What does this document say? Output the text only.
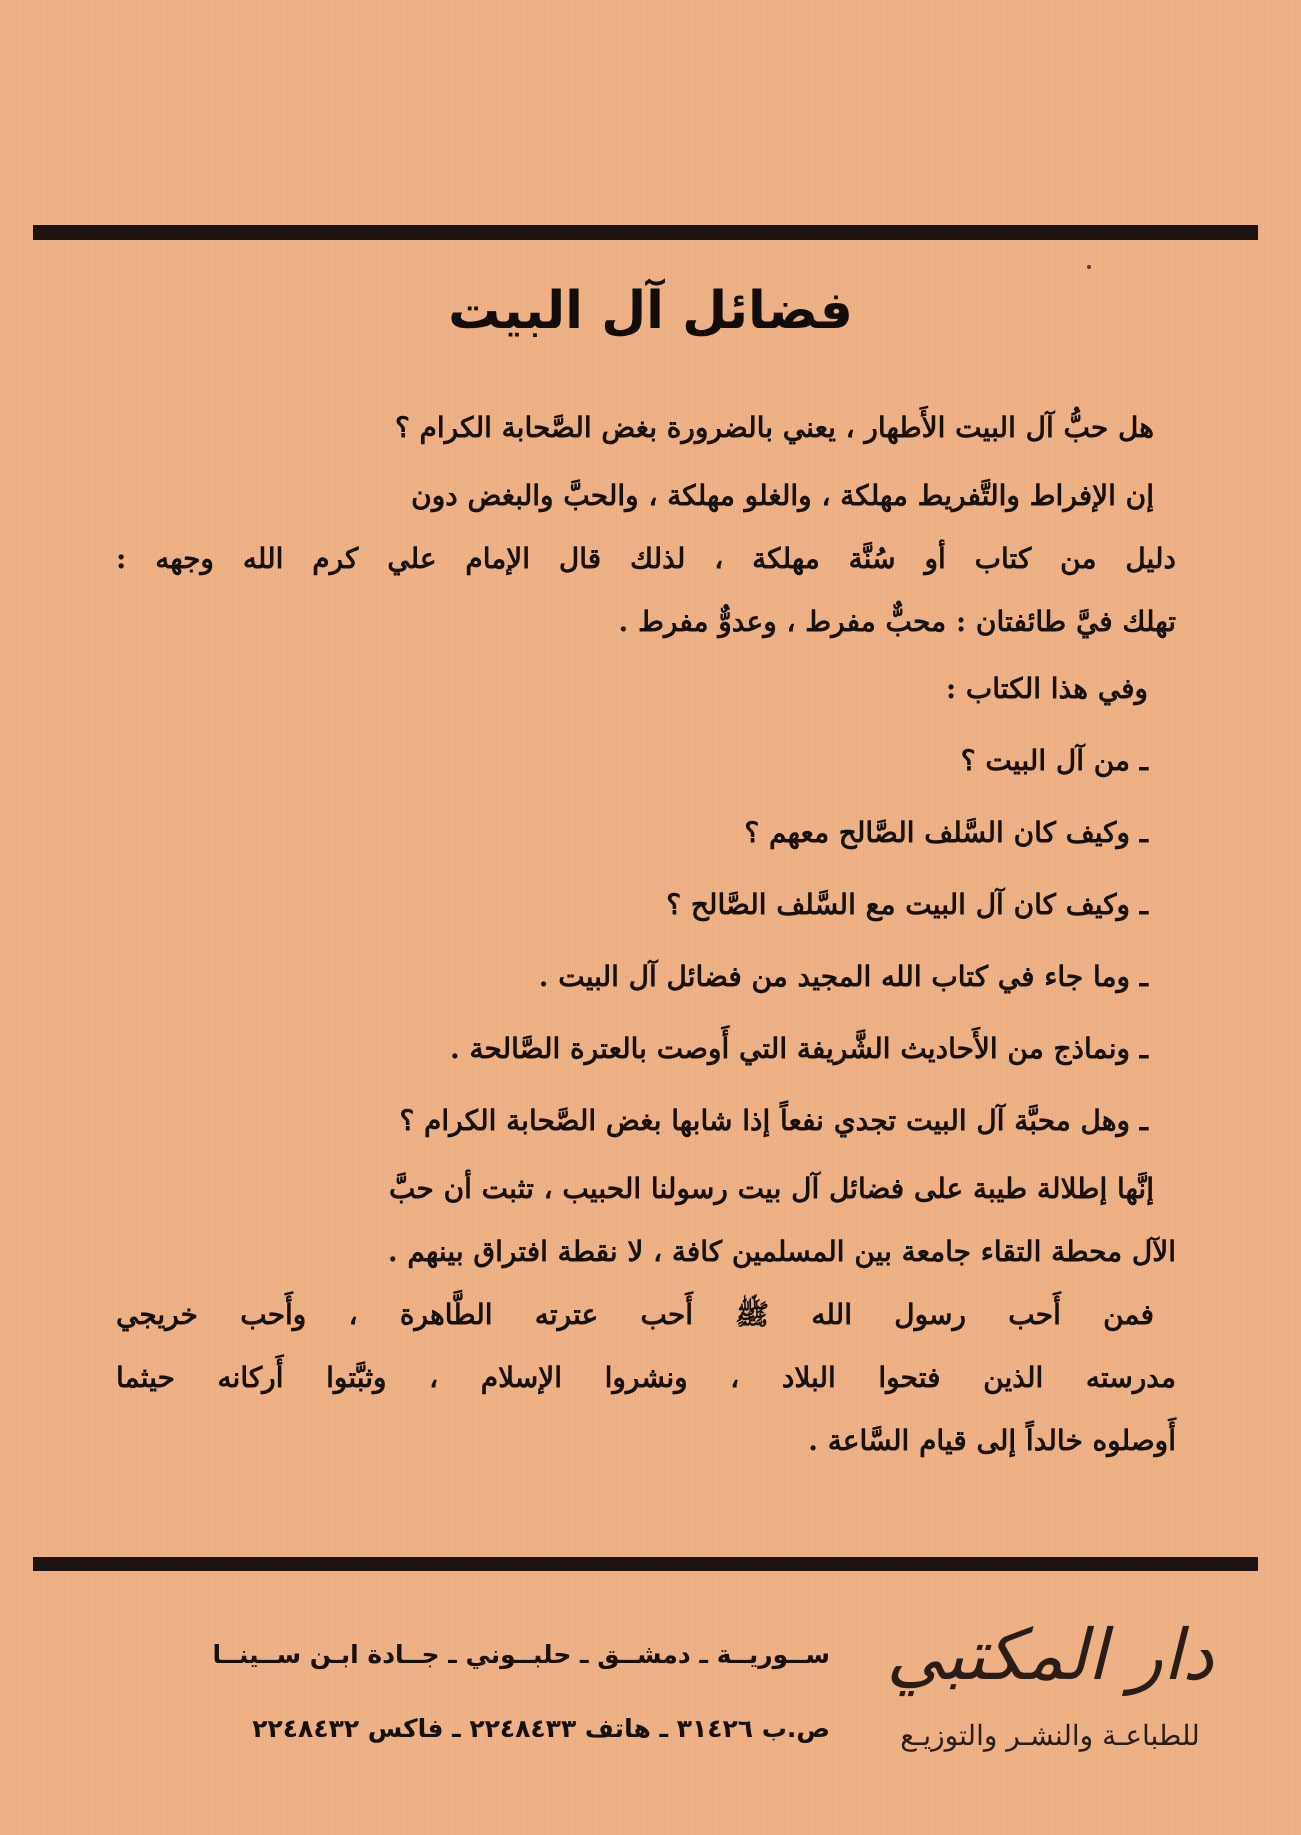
فضائل آل البيت
هل حبُّ آل البيت الأَطهار ، يعني بالضرورة بغض الصَّحابة الكرام ؟
إن الإفراط والتَّفريط مهلكة ، والغلو مهلكة ، والحبَّ والبغض دون
دليل من كتاب أو سُنَّة مهلكة ، لذلك قال الإمام علي كرم الله وجهه :
تهلك فيَّ طائفتان : محبٌّ مفرط ، وعدوٌّ مفرط .
وفي هذا الكتاب :
ـ من آل البيت ؟
ـ وكيف كان السَّلف الصَّالح معهم ؟
ـ وكيف كان آل البيت مع السَّلف الصَّالح ؟
ـ وما جاء في كتاب الله المجيد من فضائل آل البيت .
ـ ونماذج من الأَحاديث الشَّريفة التي أَوصت بالعترة الصَّالحة .
ـ وهل محبَّة آل البيت تجدي نفعاً إذا شابها بغض الصَّحابة الكرام ؟
إنَّها إطلالة طيبة على فضائل آل بيت رسولنا الحبيب ، تثبت أن حبَّ
الآل محطة التقاء جامعة بين المسلمين كافة ، لا نقطة افتراق بينهم .
فمن أَحب رسول الله ﷺ أَحب عترته الطَّاهرة ، وأَحب خريجي
مدرسته الذين فتحوا البلاد ، ونشروا الإسلام ، وثبَّتوا أَركانه حيثما
أَوصلوه خالداً إلى قيام السَّاعة .
ســوريــة ـ دمشــق ـ حلبــوني ـ جــادة ابـن ســينــا
ص.ب ٣١٤٢٦ ـ هاتف ٢٢٤٨٤٣٣ ـ فاكس ٢٢٤٨٤٣٢
دار المكتبي
للطباعـة والنشـر والتوزيـع
